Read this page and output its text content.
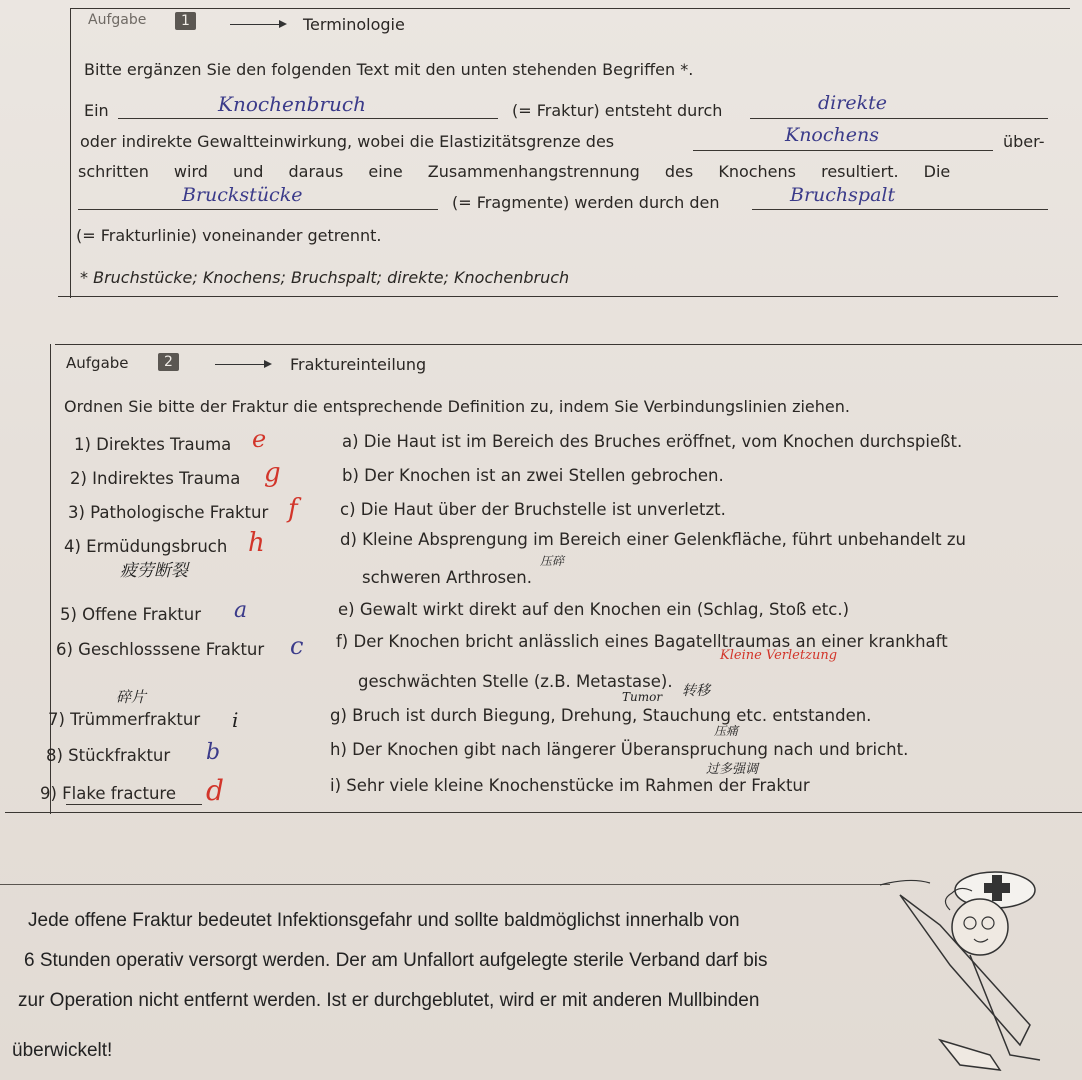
Aufgabe	1	Terminologie
Bitte ergänzen Sie den folgenden Text mit den unten stehenden Begriffen *.
Ein	Knochenbruch	(= Fraktur) entsteht durch	direkte
oder indirekte Gewaltteinwirkung, wobei die Elastizitätsgrenze des	Knochens	über-
schritten wird und daraus eine Zusammenhangstrennung des Knochens resultiert. Die
Bruckstücke	(= Fragmente) werden durch den	Bruchspalt
(= Frakturlinie) voneinander getrennt.
* Bruchstücke; Knochens; Bruchspalt; direkte; Knochenbruch
Aufgabe	2	Fraktureinteilung
Ordnen Sie bitte der Fraktur die entsprechende Definition zu, indem Sie Verbindungslinien ziehen.
1) Direktes Trauma e
2) Indirektes Trauma g
3) Pathologische Fraktur f
4) Ermüdungsbruch h
疲劳断裂
5) Offene Fraktur a
6) Geschlosssene Fraktur c
碎片
7) Trümmerfraktur i
8) Stückfraktur b
9) Flake fracture d
a) Die Haut ist im Bereich des Bruches eröffnet, vom Knochen durchspießt.
b) Der Knochen ist an zwei Stellen gebrochen.
c) Die Haut über der Bruchstelle ist unverletzt.
d) Kleine Absprengung im Bereich einer Gelenkfläche, führt unbehandelt zu
schweren Arthrosen.
压碎
e) Gewalt wirkt direkt auf den Knochen ein (Schlag, Stoß etc.)
f) Der Knochen bricht anlässlich eines Bagatelltraumas an einer krankhaft
Kleine Verletzung
geschwächten Stelle (z.B. Metastase).
Tumor 转移
g) Bruch ist durch Biegung, Drehung, Stauchung etc. entstanden.
压痛
h) Der Knochen gibt nach längerer Überanspruchung nach und bricht.
过多强调
i) Sehr viele kleine Knochenstücke im Rahmen der Fraktur
Jede offene Fraktur bedeutet Infektionsgefahr und sollte baldmöglichst innerhalb von
6 Stunden operativ versorgt werden. Der am Unfallort aufgelegte sterile Verband darf bis
zur Operation nicht entfernt werden. Ist er durchgeblutet, wird er mit anderen Mullbinden
überwickelt!
